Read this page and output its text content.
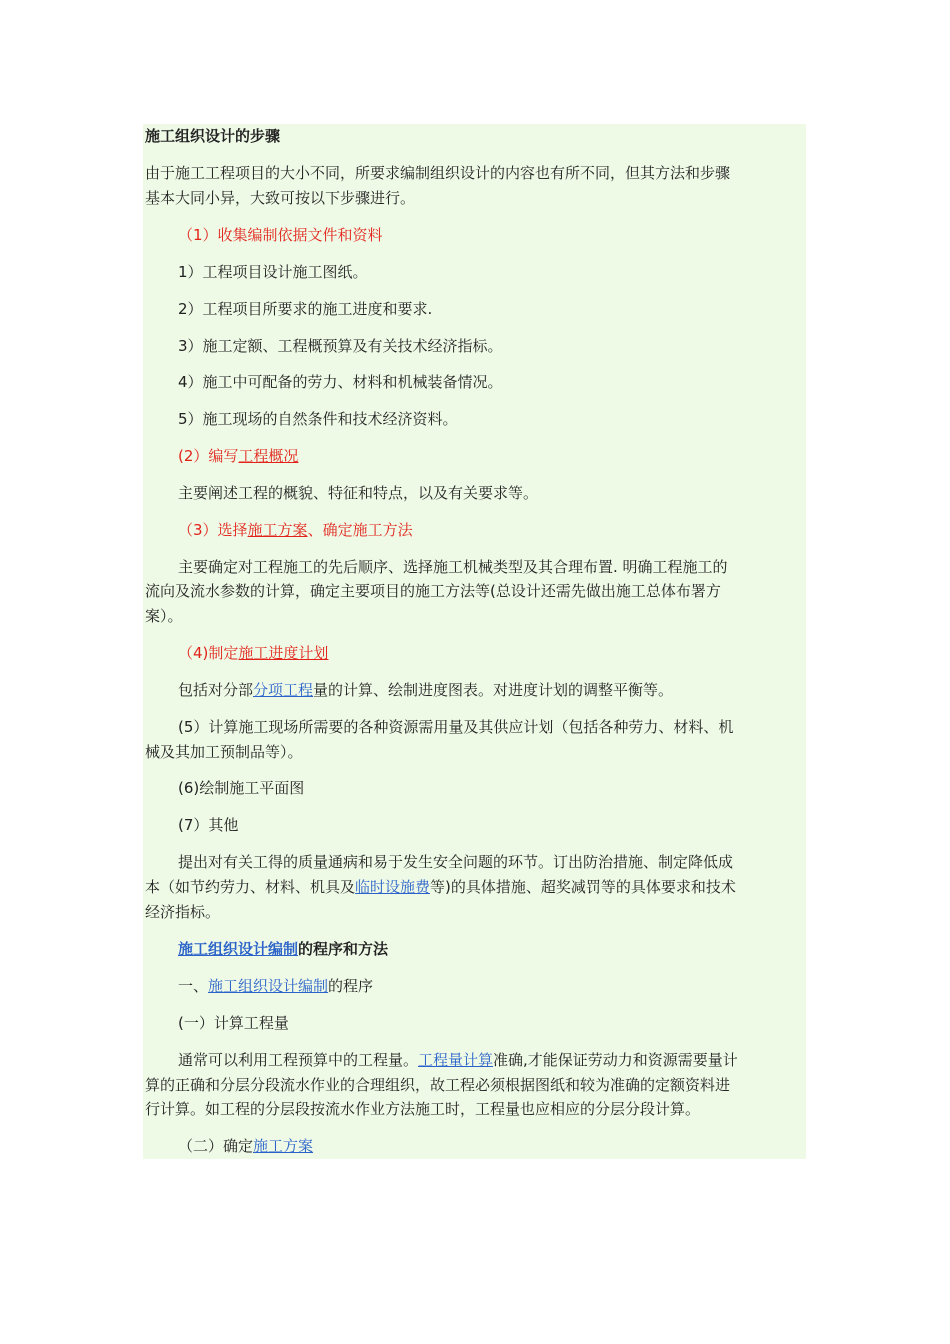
施工组织设计的步骤

由于施工工程项目的大小不同，所要求编制组织设计的内容也有所不同，但其方法和步骤

基本大同小异，大致可按以下步骤进行。

（1）收集编制依据文件和资料

1）工程项目设计施工图纸。

2）工程项目所要求的施工进度和要求.

3）施工定额、工程概预算及有关技术经济指标。

4）施工中可配备的劳力、材料和机械装备情况。

5）施工现场的自然条件和技术经济资料。

(2）编写工程概况

主要阐述工程的概貌、特征和特点，以及有关要求等。

（3）选择施工方案、确定施工方法

主要确定对工程施工的先后顺序、选择施工机械类型及其合理布置. 明确工程施工的

流向及流水参数的计算，确定主要项目的施工方法等(总设计还需先做出施工总体布署方

案）。

（4)制定施工进度计划

包括对分部分项工程量的计算、绘制进度图表。对进度计划的调整平衡等。

(5）计算施工现场所需要的各种资源需用量及其供应计划（包括各种劳力、材料、机

械及其加工预制品等）。

(6)绘制施工平面图

(7）其他

提出对有关工得的质量通病和易于发生安全问题的环节。订出防治措施、制定降低成

本（如节约劳力、材料、机具及临时设施费等)的具体措施、超奖减罚等的具体要求和技术

经济指标。

施工组织设计编制的程序和方法

一、施工组织设计编制的程序

(一）计算工程量

通常可以利用工程预算中的工程量。工程量计算准确,才能保证劳动力和资源需要量计

算的正确和分层分段流水作业的合理组织，故工程必须根据图纸和较为准确的定额资料进

行计算。如工程的分层段按流水作业方法施工时，工程量也应相应的分层分段计算。

（二）确定施工方案
